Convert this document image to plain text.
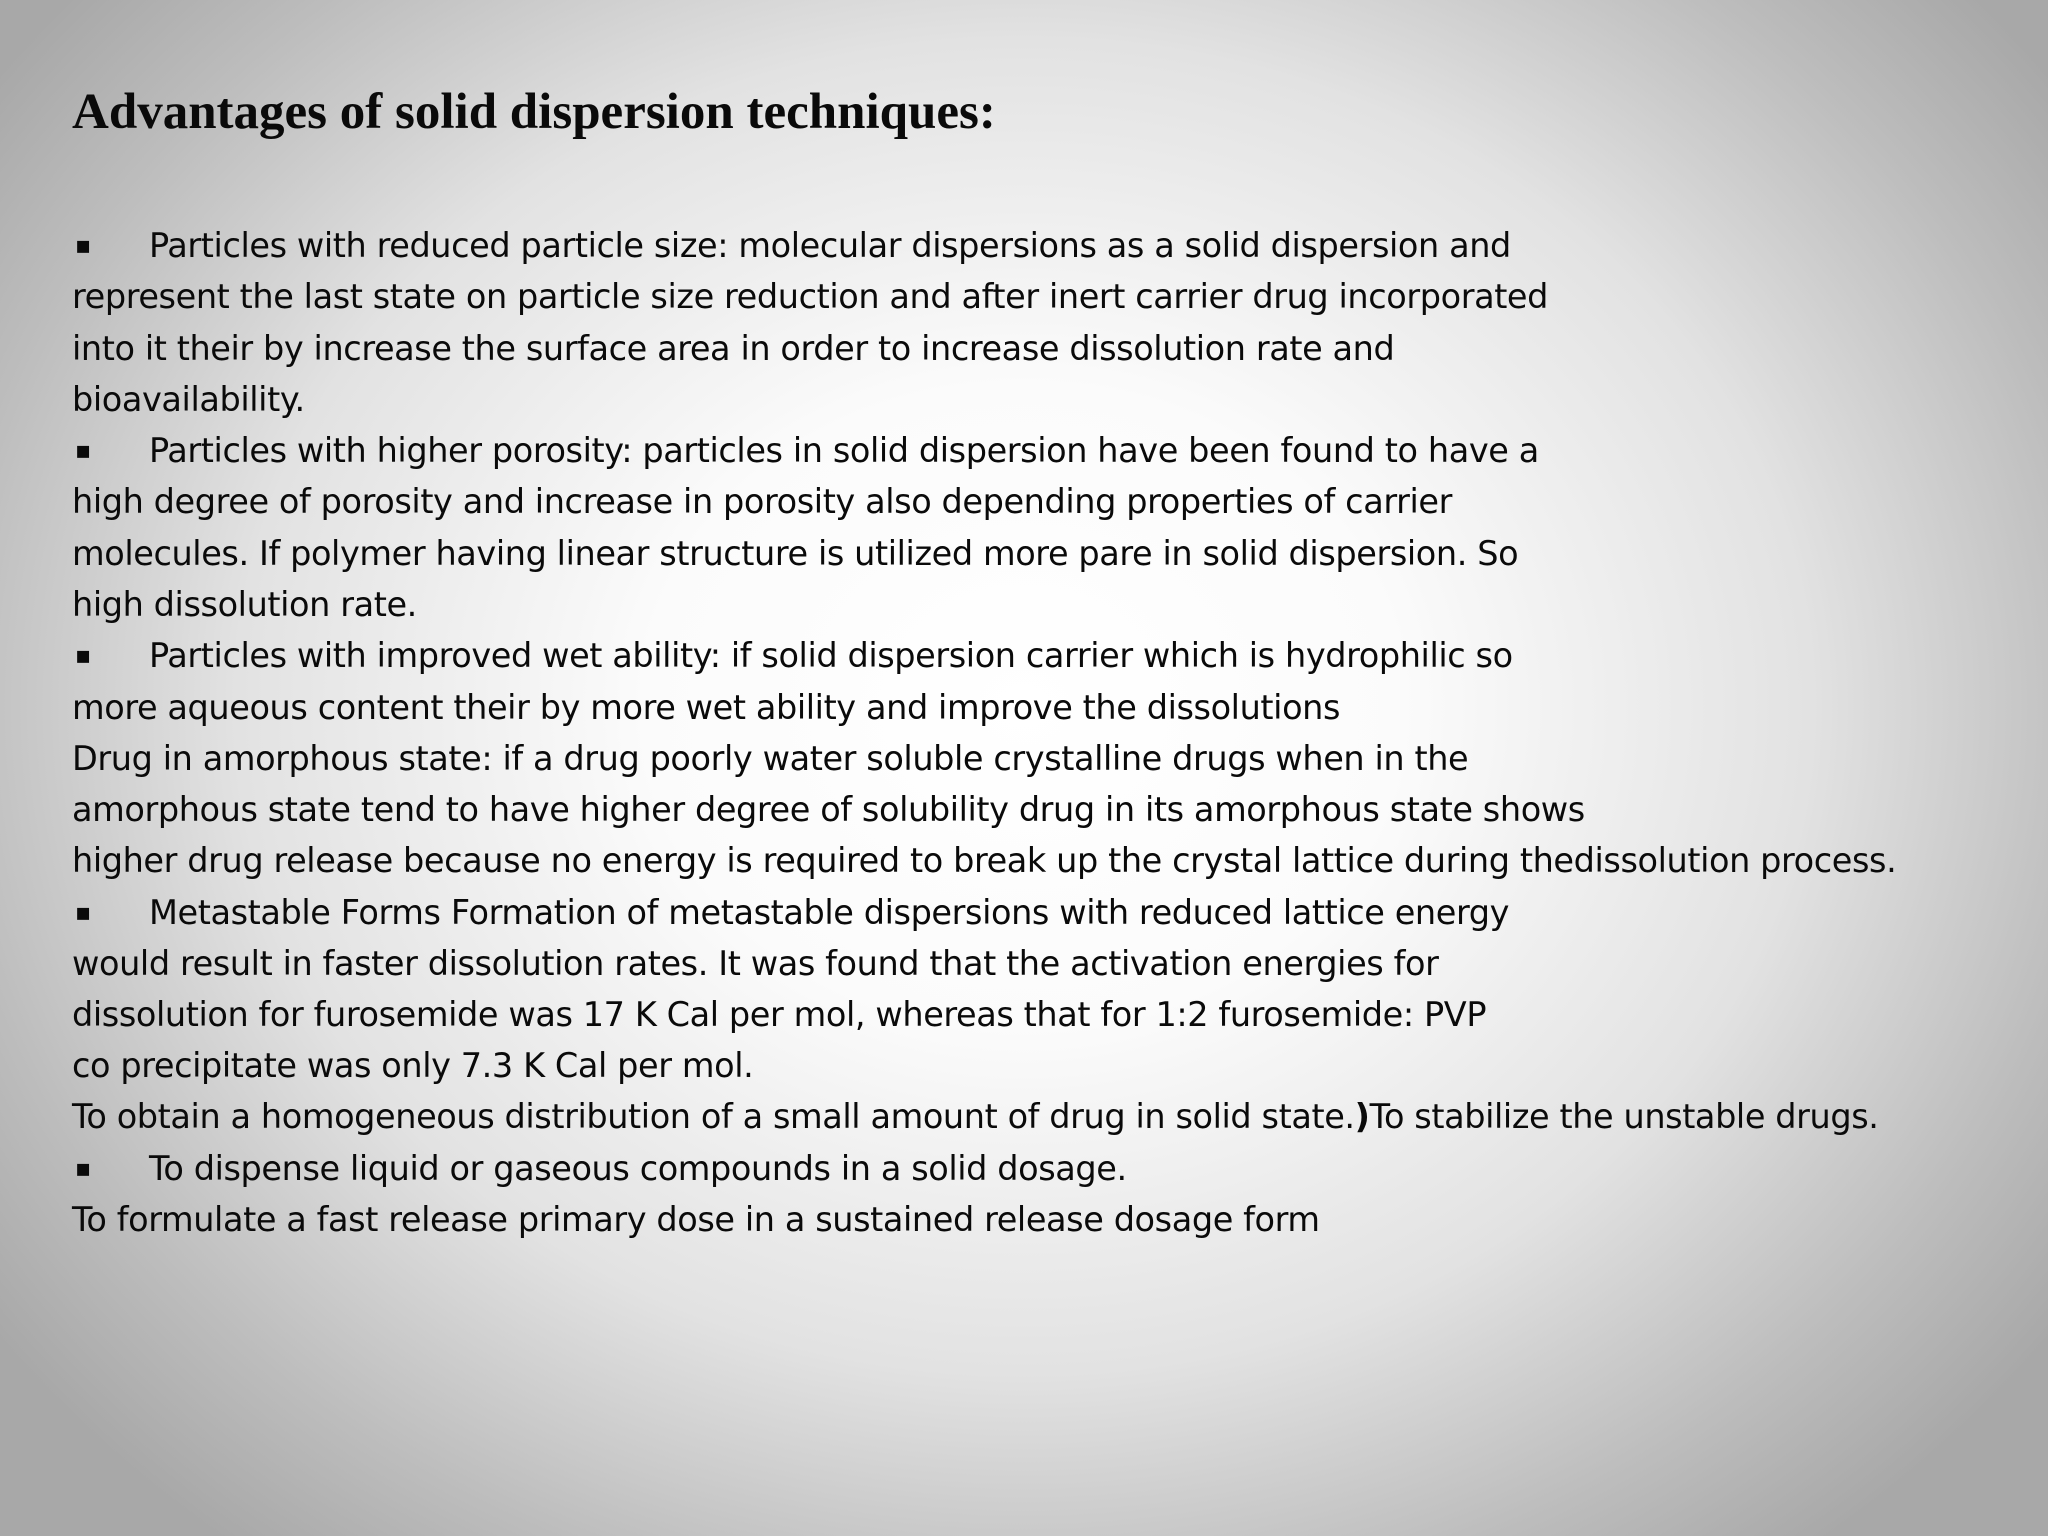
Advantages of solid dispersion techniques:
▪ Particles with reduced particle size: molecular dispersions as a solid dispersion and
represent the last state on particle size reduction and after inert carrier drug incorporated
into it their by increase the surface area in order to increase dissolution rate and
bioavailability.
▪ Particles with higher porosity: particles in solid dispersion have been found to have a
high degree of porosity and increase in porosity also depending properties of carrier
molecules. If polymer having linear structure is utilized more pare in solid dispersion. So
high dissolution rate.
▪ Particles with improved wet ability: if solid dispersion carrier which is hydrophilic so
more aqueous content their by more wet ability and improve the dissolutions
Drug in amorphous state: if a drug poorly water soluble crystalline drugs when in the
amorphous state tend to have higher degree of solubility drug in its amorphous state shows
higher drug release because no energy is required to break up the crystal lattice during thedissolution process.
▪ Metastable Forms Formation of metastable dispersions with reduced lattice energy
would result in faster dissolution rates. It was found that the activation energies for
dissolution for furosemide was 17 K Cal per mol, whereas that for 1:2 furosemide: PVP
co precipitate was only 7.3 K Cal per mol.
To obtain a homogeneous distribution of a small amount of drug in solid state.)To stabilize the unstable drugs.
▪ To dispense liquid or gaseous compounds in a solid dosage.
To formulate a fast release primary dose in a sustained release dosage form
